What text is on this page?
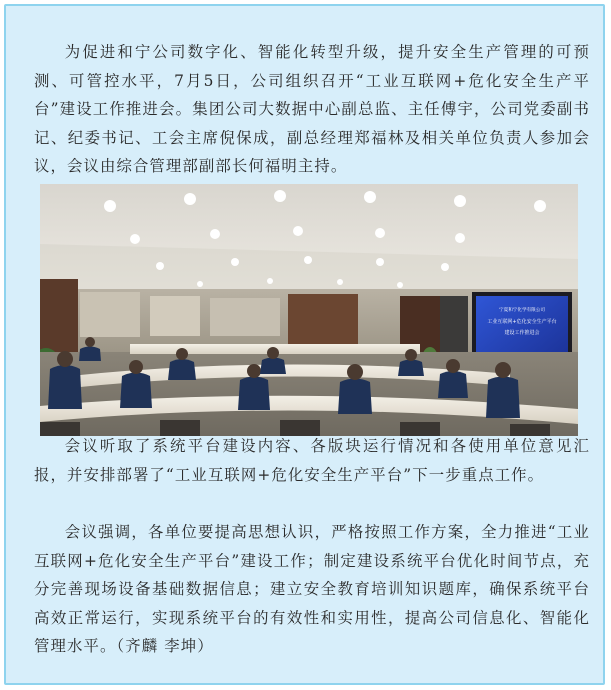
为促进和宁公司数字化、智能化转型升级，提升安全生产管理的可预测、可管控水平，7月5日，公司组织召开“工业互联网+危化安全生产平台”建设工作推进会。集团公司大数据中心副总监、主任傅宇，公司党委副书记、纪委书记、工会主席倪保成，副总经理郑福林及相关单位负责人参加会议，会议由综合管理部副部长何福明主持。

宁夏和宁化学有限公司
工业互联网+危化安全生产平台
建设工作推进会

会议听取了系统平台建设内容、各版块运行情况和各使用单位意见汇报，并安排部署了“工业互联网+危化安全生产平台”下一步重点工作。

会议强调，各单位要提高思想认识，严格按照工作方案，全力推进“工业互联网+危化安全生产平台”建设工作；制定建设系统平台优化时间节点，充分完善现场设备基础数据信息；建立安全教育培训知识题库，确保系统平台高效正常运行，实现系统平台的有效性和实用性，提高公司信息化、智能化管理水平。（齐麟 李坤）
